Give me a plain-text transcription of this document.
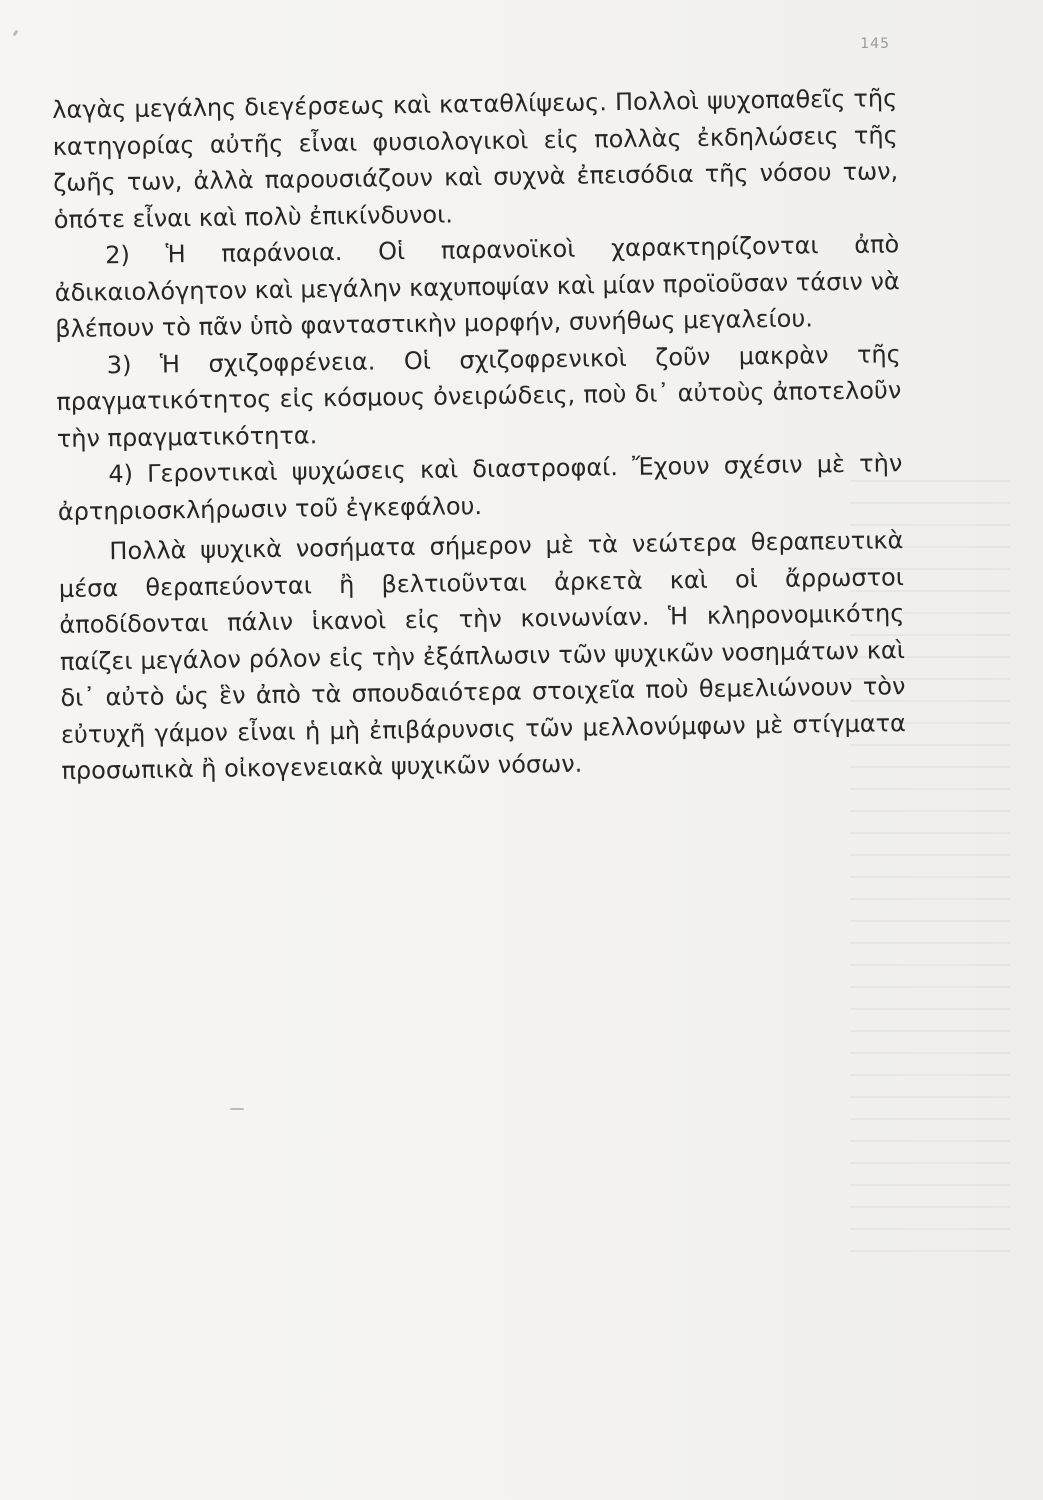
145

λαγὰς μεγάλης διεγέρσεως καὶ καταθλίψεως. Πολλοὶ ψυχοπαθεῖς τῆς κατηγορίας αὐτῆς εἶναι φυσιολογικοὶ εἰς πολλὰς ἐκδηλώσεις τῆς ζωῆς των, ἀλλὰ παρουσιάζουν καὶ συχνὰ ἐπεισόδια τῆς νόσου των, ὁπότε εἶναι καὶ πολὺ ἐπικίνδυνοι.

2) Ἡ παράνοια. Οἱ παρανοϊκοὶ χαρακτηρίζονται ἀπὸ ἀδικαιολόγητον καὶ μεγάλην καχυποψίαν καὶ μίαν προϊοῦσαν τάσιν νὰ βλέπουν τὸ πᾶν ὑπὸ φανταστικὴν μορφήν, συνήθως μεγαλείου.

3) Ἡ σχιζοφρένεια. Οἱ σχιζοφρενικοὶ ζοῦν μακρὰν τῆς πραγματικότητος εἰς κόσμους ὀνειρώδεις, ποὺ δι᾿ αὐτοὺς ἀποτελοῦν τὴν πραγματικότητα.

4) Γεροντικαὶ ψυχώσεις καὶ διαστροφαί. Ἔχουν σχέσιν μὲ τὴν ἀρτηριοσκλήρωσιν τοῦ ἐγκεφάλου.

Πολλὰ ψυχικὰ νοσήματα σήμερον μὲ τὰ νεώτερα θεραπευτικὰ μέσα θεραπεύονται ἢ βελτιοῦνται ἀρκετὰ καὶ οἱ ἄρρωστοι ἀποδίδονται πάλιν ἱκανοὶ εἰς τὴν κοινωνίαν. Ἡ κληρονομικότης παίζει μεγάλον ρόλον εἰς τὴν ἐξάπλωσιν τῶν ψυχικῶν νοσημάτων καὶ δι᾿ αὐτὸ ὡς ἓν ἀπὸ τὰ σπουδαιότερα στοιχεῖα ποὺ θεμελιώνουν τὸν εὐτυχῆ γάμον εἶναι ἡ μὴ ἐπιβάρυνσις τῶν μελλονύμφων μὲ στίγματα προσωπικὰ ἢ οἰκογενειακὰ ψυχικῶν νόσων.
